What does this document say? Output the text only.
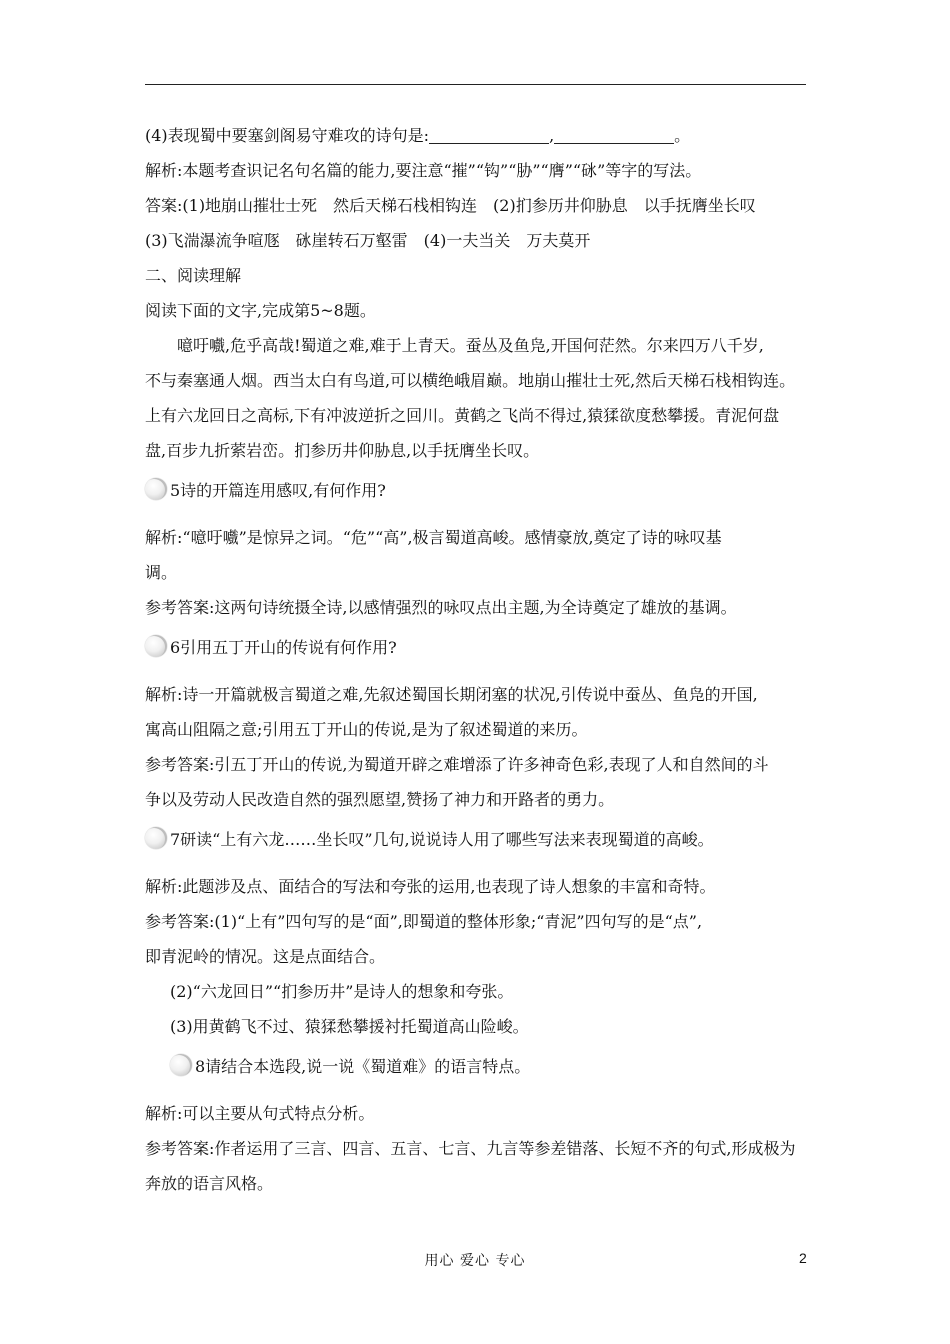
(4)表现蜀中要塞剑阁易守难攻的诗句是:	,	。
解析:本题考查识记名句名篇的能力,要注意“摧”“钩”“胁”“膺”“砯”等字的写法。
答案:(1)地崩山摧壮士死　然后天梯石栈相钩连　(2)扪参历井仰胁息　以手抚膺坐长叹
(3)飞湍瀑流争喧豗　砯崖转石万壑雷　(4)一夫当关　万夫莫开
二、阅读理解
阅读下面的文字,完成第5~8题。
噫吁嚱,危乎高哉!蜀道之难,难于上青天。蚕丛及鱼凫,开国何茫然。尔来四万八千岁,
不与秦塞通人烟。西当太白有鸟道,可以横绝峨眉巅。地崩山摧壮士死,然后天梯石栈相钩连。
上有六龙回日之高标,下有冲波逆折之回川。黄鹤之飞尚不得过,猿猱欲度愁攀援。青泥何盘
盘,百步九折萦岩峦。扪参历井仰胁息,以手抚膺坐长叹。
5诗的开篇连用感叹,有何作用?
解析:“噫吁嚱”是惊异之词。“危”“高”,极言蜀道高峻。感情豪放,奠定了诗的咏叹基
调。
参考答案:这两句诗统摄全诗,以感情强烈的咏叹点出主题,为全诗奠定了雄放的基调。
6引用五丁开山的传说有何作用?
解析:诗一开篇就极言蜀道之难,先叙述蜀国长期闭塞的状况,引传说中蚕丛、鱼凫的开国,
寓高山阻隔之意;引用五丁开山的传说,是为了叙述蜀道的来历。
参考答案:引五丁开山的传说,为蜀道开辟之难增添了许多神奇色彩,表现了人和自然间的斗
争以及劳动人民改造自然的强烈愿望,赞扬了神力和开路者的勇力。
7研读“上有六龙……坐长叹”几句,说说诗人用了哪些写法来表现蜀道的高峻。
解析:此题涉及点、面结合的写法和夸张的运用,也表现了诗人想象的丰富和奇特。
参考答案:(1)“上有”四句写的是“面”,即蜀道的整体形象;“青泥”四句写的是“点”,
即青泥岭的情况。这是点面结合。
(2)“六龙回日”“扪参历井”是诗人的想象和夸张。
(3)用黄鹤飞不过、猿猱愁攀援衬托蜀道高山险峻。
8请结合本选段,说一说《蜀道难》的语言特点。
解析:可以主要从句式特点分析。
参考答案:作者运用了三言、四言、五言、七言、九言等参差错落、长短不齐的句式,形成极为
奔放的语言风格。
用心 爱心 专心	2
